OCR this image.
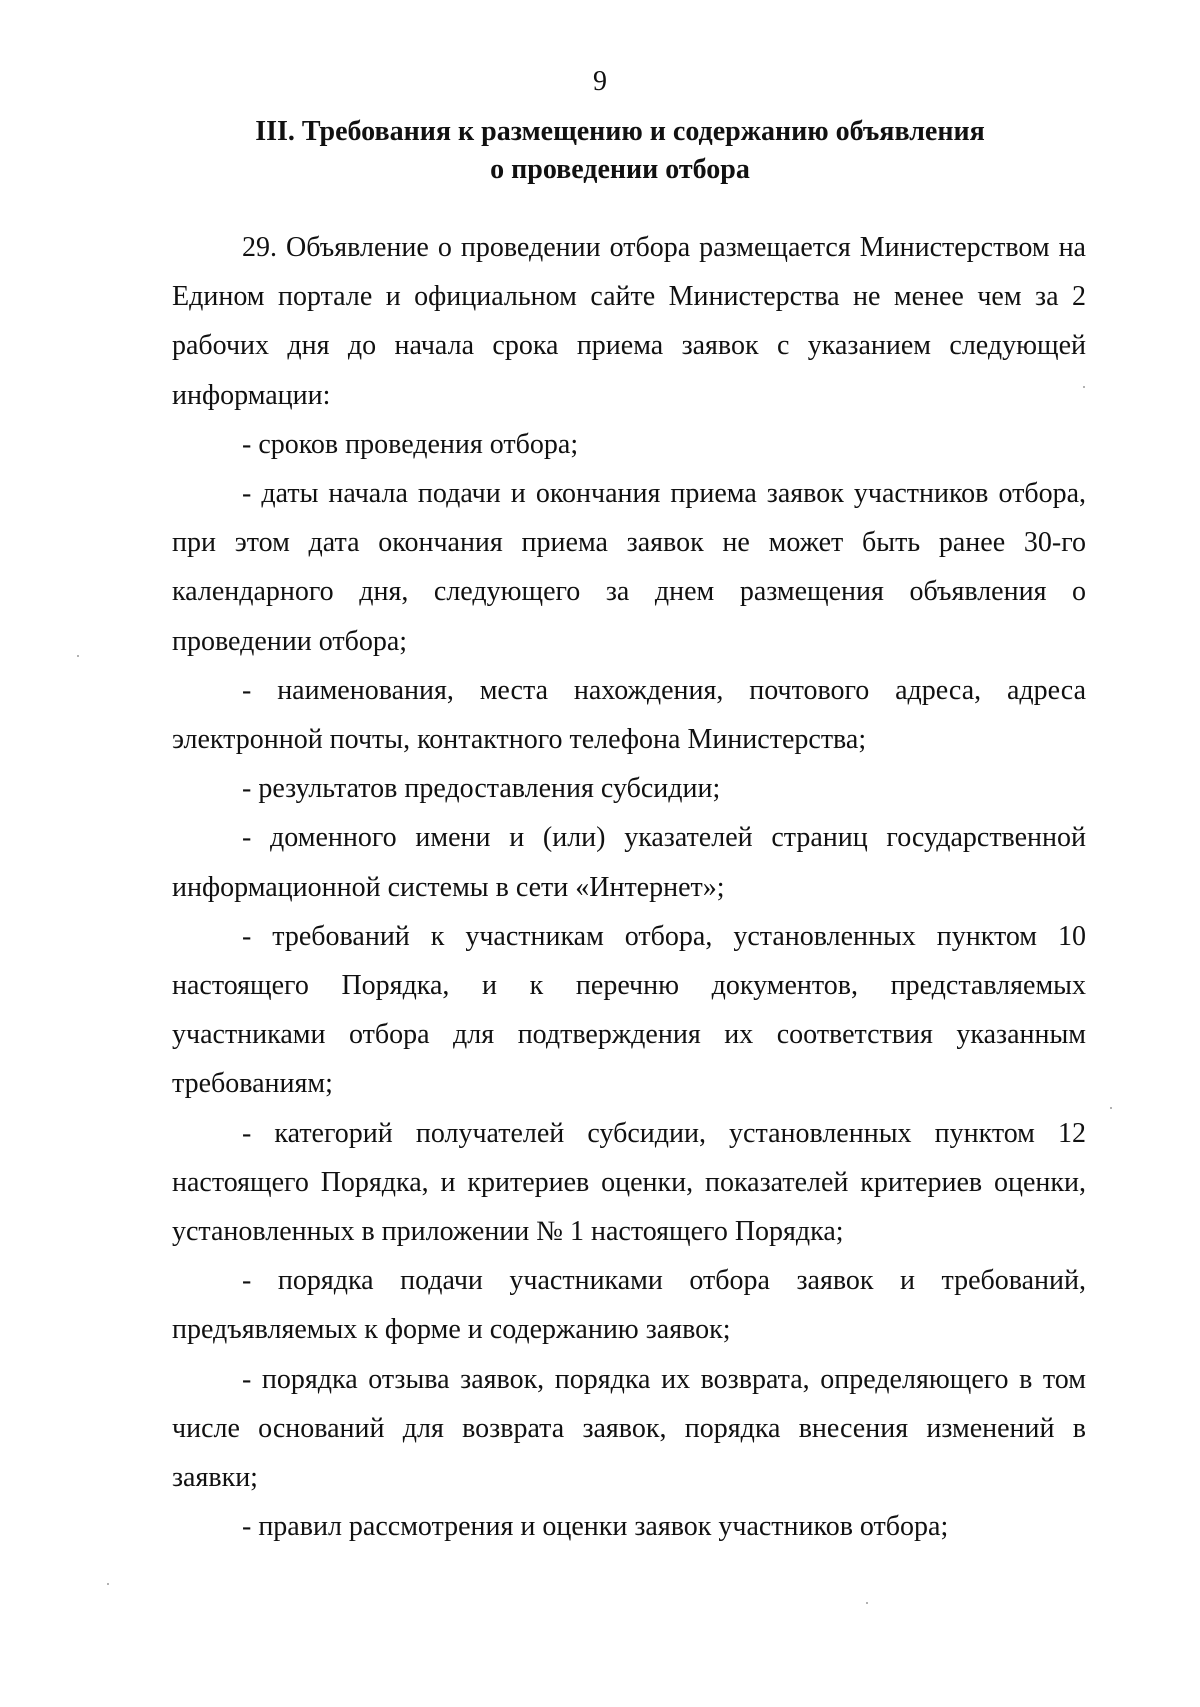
9
III. Требования к размещению и содержанию объявления
о проведении отбора

29. Объявление о проведении отбора размещается Министерством на Едином портале и официальном сайте Министерства не менее чем за 2 рабочих дня до начала срока приема заявок с указанием следующей информации:

- сроков проведения отбора;

- даты начала подачи и окончания приема заявок участников отбора, при этом дата окончания приема заявок не может быть ранее 30-го календарного дня, следующего за днем размещения объявления о проведении отбора;

- наименования, места нахождения, почтового адреса, адреса электронной почты, контактного телефона Министерства;

- результатов предоставления субсидии;

- доменного имени и (или) указателей страниц государственной информационной системы в сети «Интернет»;

- требований к участникам отбора, установленных пунктом 10 настоящего Порядка, и к перечню документов, представляемых участниками отбора для подтверждения их соответствия указанным требованиям;

- категорий получателей субсидии, установленных пунктом 12 настоящего Порядка, и критериев оценки, показателей критериев оценки, установленных в приложении № 1 настоящего Порядка;

- порядка подачи участниками отбора заявок и требований, предъявляемых к форме и содержанию заявок;

- порядка отзыва заявок, порядка их возврата, определяющего в том числе оснований для возврата заявок, порядка внесения изменений в заявки;

- правил рассмотрения и оценки заявок участников отбора;
